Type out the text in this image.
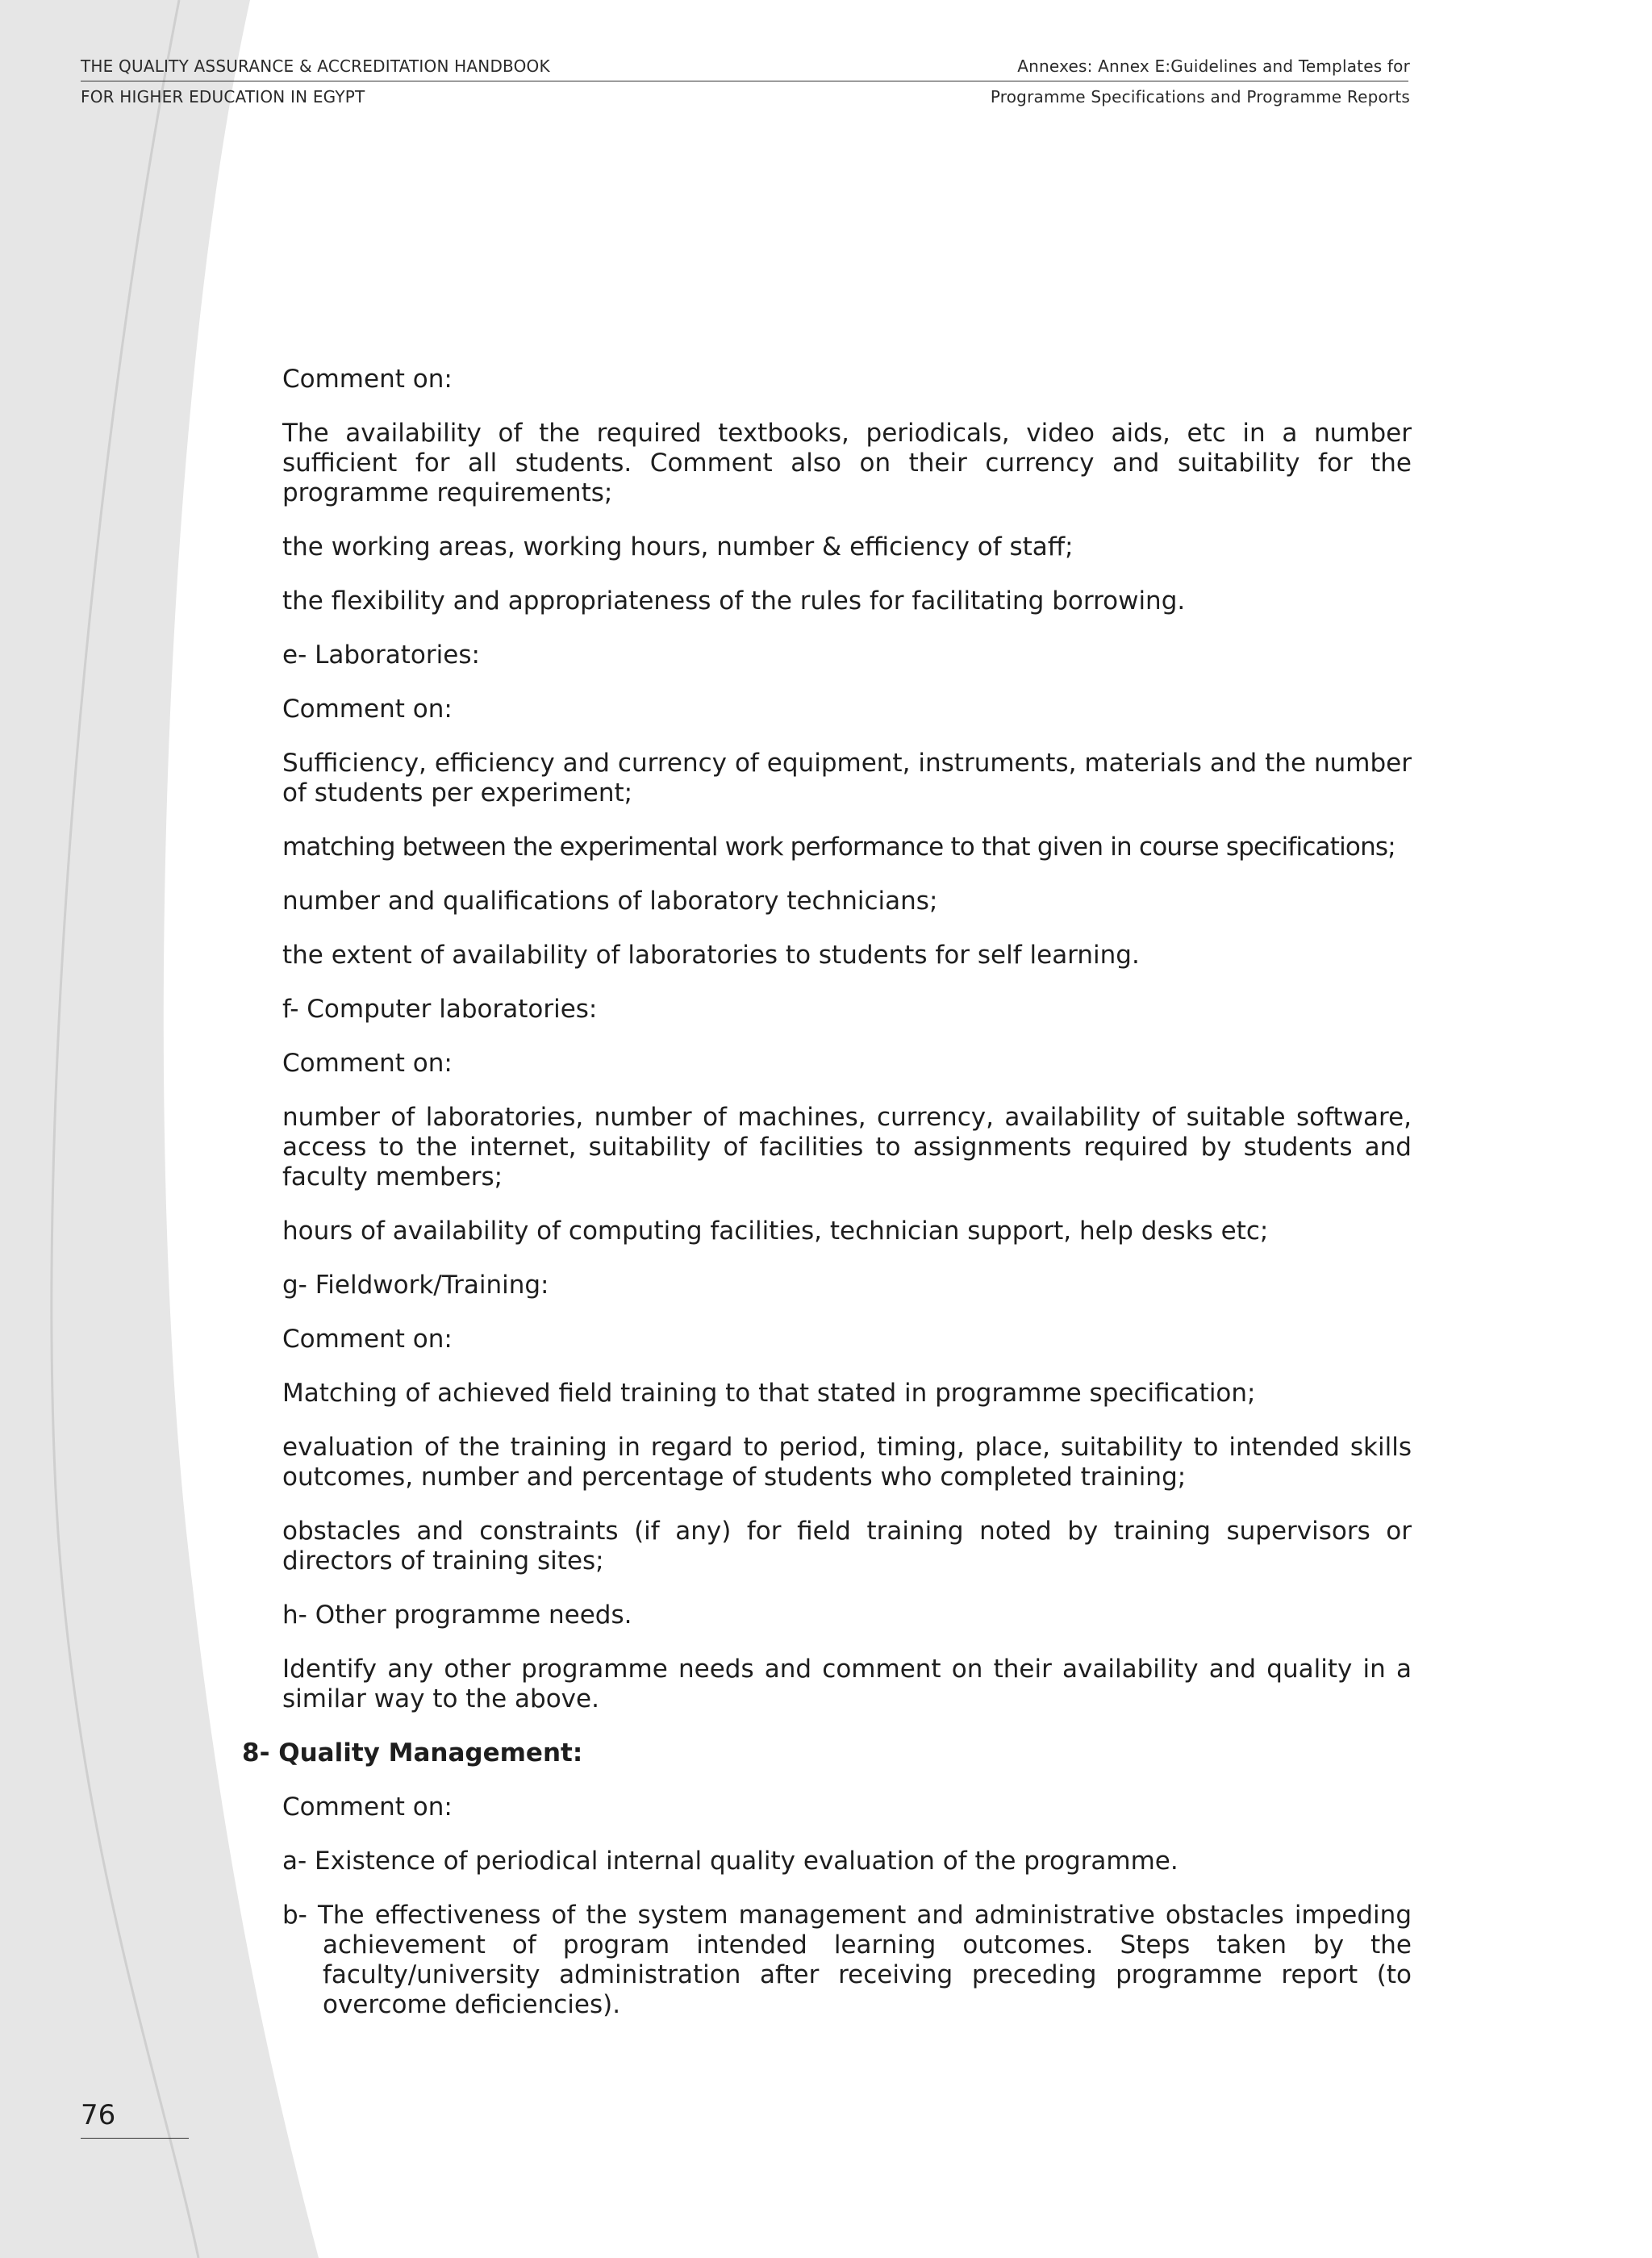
THE QUALITY ASSURANCE & ACCREDITATION HANDBOOK	Annexes: Annex E:Guidelines and Templates for
FOR HIGHER EDUCATION IN EGYPT	Programme Specifications and Programme Reports

Comment on:

The availability of the required textbooks, periodicals, video aids, etc in a number sufficient for all students. Comment also on their currency and suitability for the programme requirements;

the working areas, working hours, number & efficiency of staff;

the flexibility and appropriateness of the rules for facilitating borrowing.

e- Laboratories:

Comment on:

Sufficiency, efficiency and currency of equipment, instruments, materials and the number of students per experiment;

matching between the experimental work performance to that given in course specifications;

number and qualifications of laboratory technicians;

the extent of availability of laboratories to students for self learning.

f- Computer laboratories:

Comment on:

number of laboratories, number of machines, currency, availability of suitable software, access to the internet, suitability of facilities to assignments required by students and faculty members;

hours of availability of computing facilities, technician support, help desks etc;

g- Fieldwork/Training:

Comment on:

Matching of achieved field training to that stated in programme specification;

evaluation of the training in regard to period, timing, place, suitability to intended skills outcomes, number and percentage of students who completed training;

obstacles and constraints (if any) for field training noted by training supervisors or directors of training sites;

h- Other programme needs.

Identify any other programme needs and comment on their availability and quality in a similar way to the above.

8- Quality Management:

Comment on:

a- Existence of periodical internal quality evaluation of the programme.

b- The effectiveness of the system management and administrative obstacles impeding achievement of program intended learning outcomes. Steps taken by the faculty/university administration after receiving preceding programme report (to overcome deficiencies).

76
